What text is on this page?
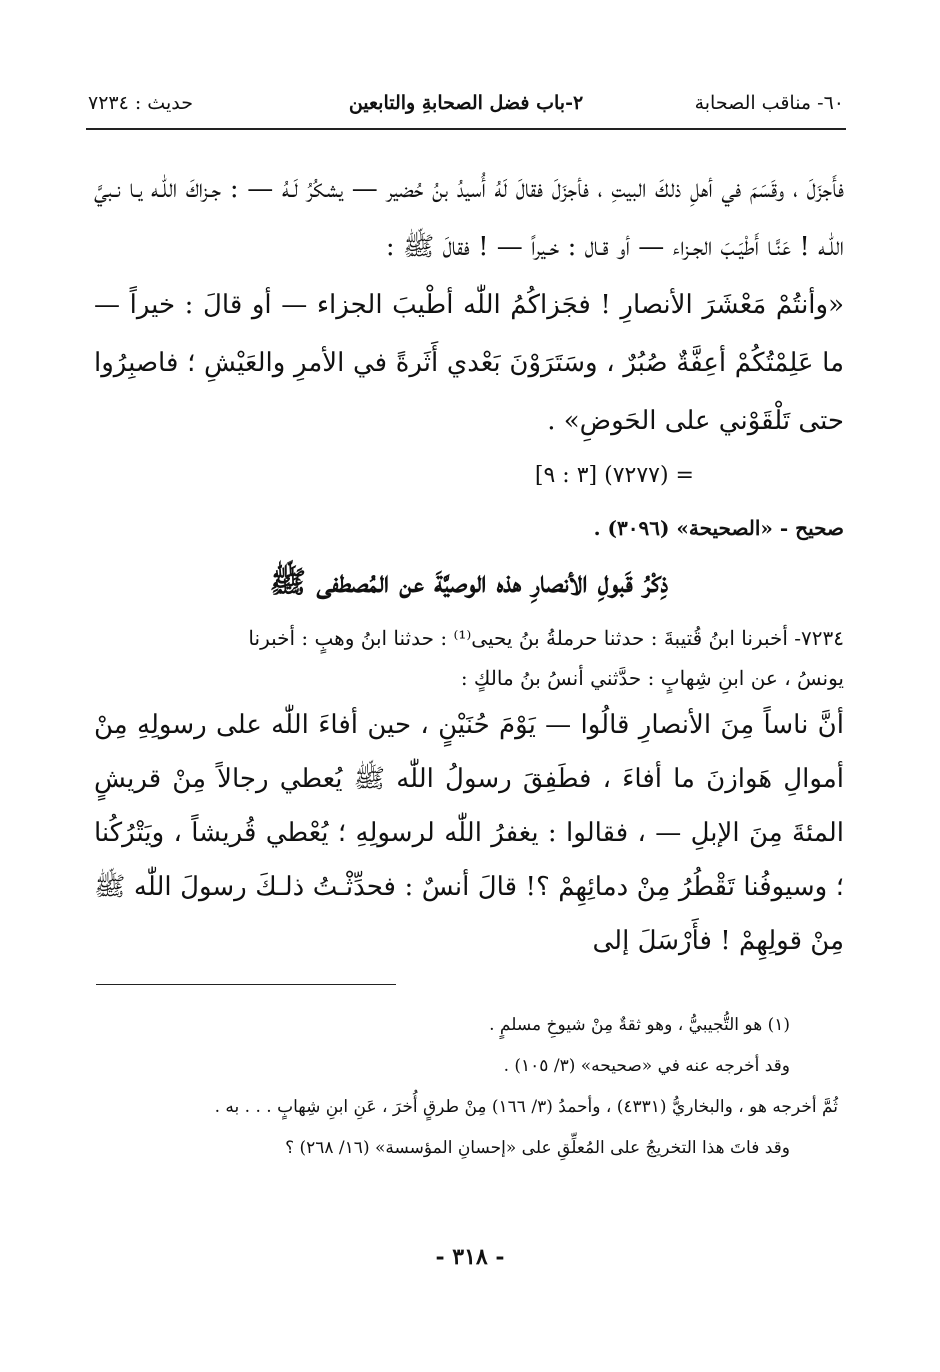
٦٠- مناقب الصحابة
٢-باب فضل الصحابةِ والتابعين
حديث : ٧٢٣٤

فأَجزَلَ ، وقَسَمَ في أهلِ ذلكَ البيتِ ، فأجزَلَ فقالَ لَهُ أُسيدُ بنُ حُضير — يشكُرُ لَـهُ — : جـزاكَ اللّٰـه يـا نـبيَّ اللّٰـه ! عَنَّـا أَطْيَـبَ الجـزاء — أو قـال : خـيراً — ! فقالَ ﷺ :

«وأنتُمْ مَعْشَرَ الأنصارِ ! فجَزاكُمُ اللّٰه أطْيبَ الجزاء — أو قالَ : خيراً — ما عَلِمْتُكُمْ أعِفَّةٌ صُبُرٌ ، وسَتَرَوْنَ بَعْدي أَثَرةً في الأمرِ والعَيْشِ ؛ فاصبِرُوا حتى تَلْقَوْني على الحَوضِ» .

= (٧٢٧٧) [٣ : ٩]

صحيح - «الصحيحة» (٣٠٩٦) .

ذِكْرُ قَبولِ الأنصارِ هذه الوصيَّةَ عن المُصطفى ﷺ

٧٢٣٤- أخبرنا ابنُ قُتيبةَ : حدثنا حرملةُ بنُ يحيى⁽¹⁾ : حدثنا ابنُ وهبٍ : أخبرنا

يونسُ ، عن ابنِ شِهابٍ : حدَّثني أنسُ بنُ مالكٍ :

أنَّ ناساً مِنَ الأنصارِ قالُوا — يَوْمَ حُنَيْنٍ ، حين أفاءَ اللّٰه على رسولِهِ مِنْ أموالِ هَوازنَ ما أفاءَ ، فطَفِقَ رسولُ اللّٰه ﷺ يُعطي رجالاً مِنْ قريشٍ المئةَ مِنَ الإبلِ — ، فقالوا : يغفرُ اللّٰه لرسولِهِ ؛ يُعْطي قُريشاً ، ويَتْرُكُنا ؛ وسيوفُنا تَقْطُرُ مِنْ دمائِهِمْ ؟! قالَ أنسٌ : فحدِّثْـتُ ذلـكَ رسولَ اللّٰه ﷺ مِنْ قولِهِمْ ! فأَرْسَلَ إلى

(١) هو التُّجيبيُّ ، وهو ثقةٌ مِنْ شيوخِ مسلمٍ .

وقد أخرجه عنه في «صحيحه» (٣/ ١٠٥) .

ثُمَّ أخرجه هو ، والبخاريُّ (٤٣٣١) ، وأحمدُ (٣/ ١٦٦) مِنْ طرقٍ أُخرَ ، عَنِ ابنِ شِهابٍ . . . به .

وقد فاتَ هذا التخريجُ على المُعلِّقِ على «إحسانِ المؤسسة» (١٦/ ٢٦٨) ؟

- ٣١٨ -
